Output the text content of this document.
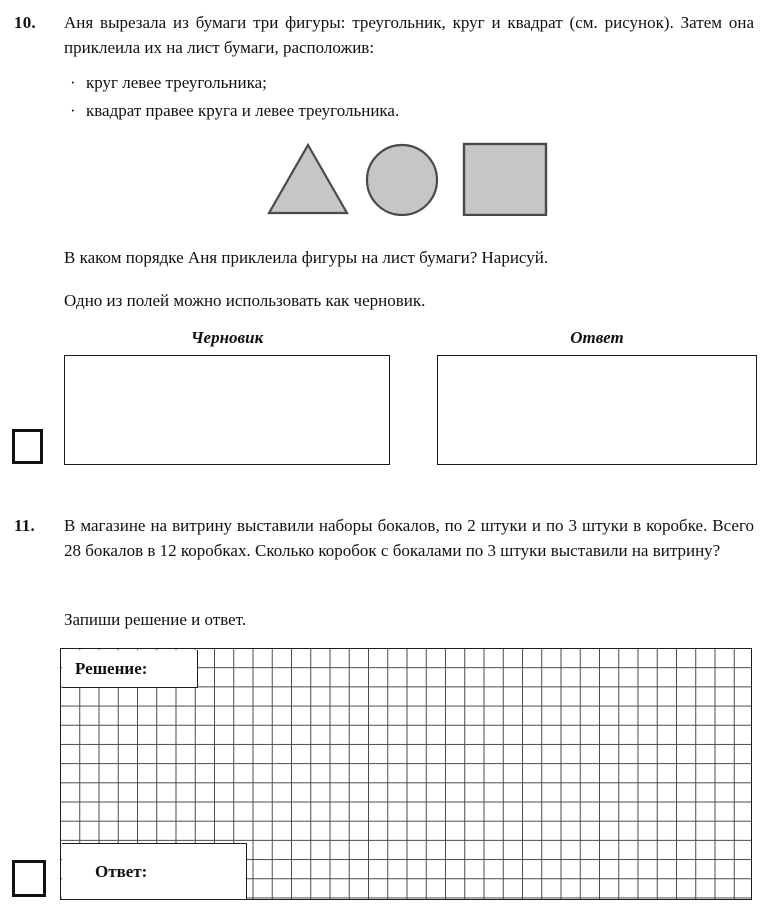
10.	Аня вырезала из бумаги три фигуры: треугольник, круг и квадрат (см. рисунок). Затем она приклеила их на лист бумаги, расположив:

· круг левее треугольника;
· квадрат правее круга и левее треугольника.

В каком порядке Аня приклеила фигуры на лист бумаги? Нарисуй.

Одно из полей можно использовать как черновик.

Черновик	Ответ
11.	В магазине на витрину выставили наборы бокалов, по 2 штуки и по 3 штуки в коробке. Всего 28 бокалов в 12 коробках. Сколько коробок с бокалами по 3 штуки выставили на витрину?

Запиши решение и ответ.

Решение:
Ответ:
